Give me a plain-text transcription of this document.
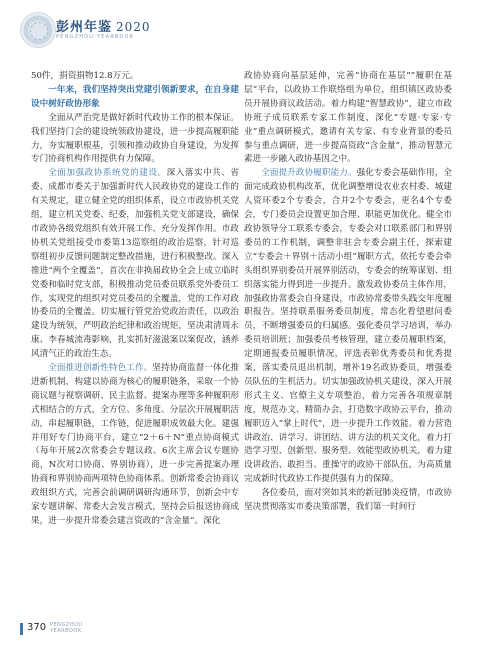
彭州年鉴 2020
PENGZHOU YEARBOOK

50件，捐资捐物12.8万元。

一年来，我们坚持突出党建引领新要求，在自身建设中树好政协形象

全面从严治党是做好新时代政协工作的根本保证。我们坚持门会的建设统领政协建设，进一步提高履职能力，夯实履职根基，引领和推动政协自身建设，为发挥专门协商机构作用提供有力保障。

全面加强政协系统党的建设。深入落实中共、省委、成都市委关于加强新时代人民政协党的建设工作的有关规定，建立健全党的组织体系，设立市政协机关党组，建立机关党委、纪委，加强机关党支部建设，确保市政协各级党组织有效开展工作、充分发挥作用。市政协机关党组接受市委第13巡察组的政治巡察，针对巡察组初步反馈问题制定整改措施，进行积极整改。深入推进“两个全覆盖”，首次在非换届政协全会上成立临时党委和临时党支部，积极推动党员委员联系党外委员工作，实现党的组织对党员委员的全覆盖，党的工作对政协委员的全覆盖。切实履行管党治党政治责任，以政治建设为统领，严明政治纪律和政治规矩，坚决肃清周永康、李春城流毒影响，扎实抓好滋滋案以案促改，涵养风清气正的政治生态。

全面推进创新性特色工作。坚持协商监督一体化推进新机制，构建以协商为核心的履职链条，采取一个协商议题与视察调研、民主监督、提案办理等多种履职形式相结合的方式，全方位、多角度、分层次开展履职活动，串起履职链，工作链，促进履职成效最大化。建强并用好专门协商平台，建立“2＋6＋N”重点协商模式（每年开展2次常委会专题议政、6次主席会议专题协商，N次对口协商、界别协商），进一步完善提案办理协商和界别协商两项特色协商体系。创新常委会协商议政组织方式，完善会前调研调研沟通环节，创新会中专家专题讲解、常委大会发言模式，坚持会后报送协商成果，进一步提升常委会建言资政的“含金量”。深化

政协协商向基层延伸，完善“协商在基层”“履职在基层”平台，以政协工作联络组为单位，组织镇区政协委员开展协商议政活动。着力构建“智慧政协”，建立市政协班子成员联系专家工作制度，深化“专题·专家·专业”重点调研模式，邀请有关专家、有专业背景的委员参与重点调研，进一步提高资政“含金量”，推动智慧元素进一步融入政协基因之中。

全面提升政协履职能力。强化专委会基础作用，全面完成政协机构改革，优化调整增设农业农村委、城建人资环委2个专委会，合并2个专委会，更名4个专委会，专门委员会设置更加合理、职能更加优化。健全市政协领导分工联系专委会，专委会对口联系部门和界别委员的工作机制，调整非驻会专委会副主任，探索建立“专委会＋界别＋活动小组”履职方式，依托专委会牵头组织界别委员开展界别活动，专委会的统筹谋划、组织落实能力得到进一步提升。激发政协委员主体作用，加强政协常委会自身建设，市政协常委带头践交年度履职报告。坚持联系服务委员制度，常态化看望慰问委员，不断增强委员的归属感。强化委员学习培训，举办委员培训班；加强委员考核管理，建立委员履职档案，定期通报委员履职情况，评选表彰优秀委员和优秀提案，落实委员退出机制，增补19名政协委员，增强委员队伍的生机活力。切实加强政协机关建设，深入开展形式主义、官僚主义专项整治，着力完善各项规章制度，规范办文、精简办会，打造数字政协云平台，推动履职迈入“掌上时代”，进一步提升工作效能。着力营造讲政治、讲学习、讲团结、讲方法的机关文化，着力打造学习型、创新型、服务型、效能型政协机关，着力建设讲政治、敢担当、重操守的政协干部队伍，为高质量完成新时代政协工作提供强有力的保障。

各位委员，面对突如其来的新冠肺炎疫情，市政协坚决贯彻落实市委决策部署，我们第一时间行

370 PENGZHOU
YEARBOOK
